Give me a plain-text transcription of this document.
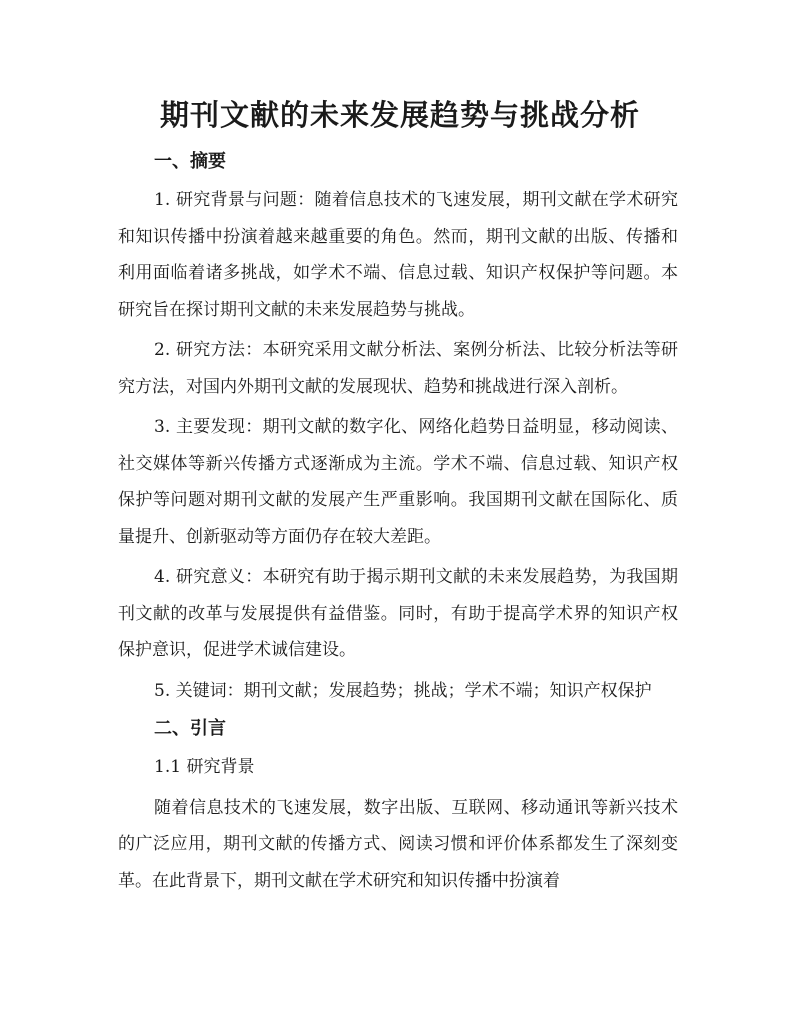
期刊文献的未来发展趋势与挑战分析
一、摘要

1. 研究背景与问题：随着信息技术的飞速发展，期刊文献在学术研究和知识传播中扮演着越来越重要的角色。然而，期刊文献的出版、传播和利用面临着诸多挑战，如学术不端、信息过载、知识产权保护等问题。本研究旨在探讨期刊文献的未来发展趋势与挑战。

2. 研究方法：本研究采用文献分析法、案例分析法、比较分析法等研究方法，对国内外期刊文献的发展现状、趋势和挑战进行深入剖析。

3. 主要发现：期刊文献的数字化、网络化趋势日益明显，移动阅读、社交媒体等新兴传播方式逐渐成为主流。学术不端、信息过载、知识产权保护等问题对期刊文献的发展产生严重影响。我国期刊文献在国际化、质量提升、创新驱动等方面仍存在较大差距。

4. 研究意义：本研究有助于揭示期刊文献的未来发展趋势，为我国期刊文献的改革与发展提供有益借鉴。同时，有助于提高学术界的知识产权保护意识，促进学术诚信建设。

5. 关键词：期刊文献；发展趋势；挑战；学术不端；知识产权保护

二、引言

1.1 研究背景

随着信息技术的飞速发展，数字出版、互联网、移动通讯等新兴技术的广泛应用，期刊文献的传播方式、阅读习惯和评价体系都发生了深刻变革。在此背景下，期刊文献在学术研究和知识传播中扮演着
